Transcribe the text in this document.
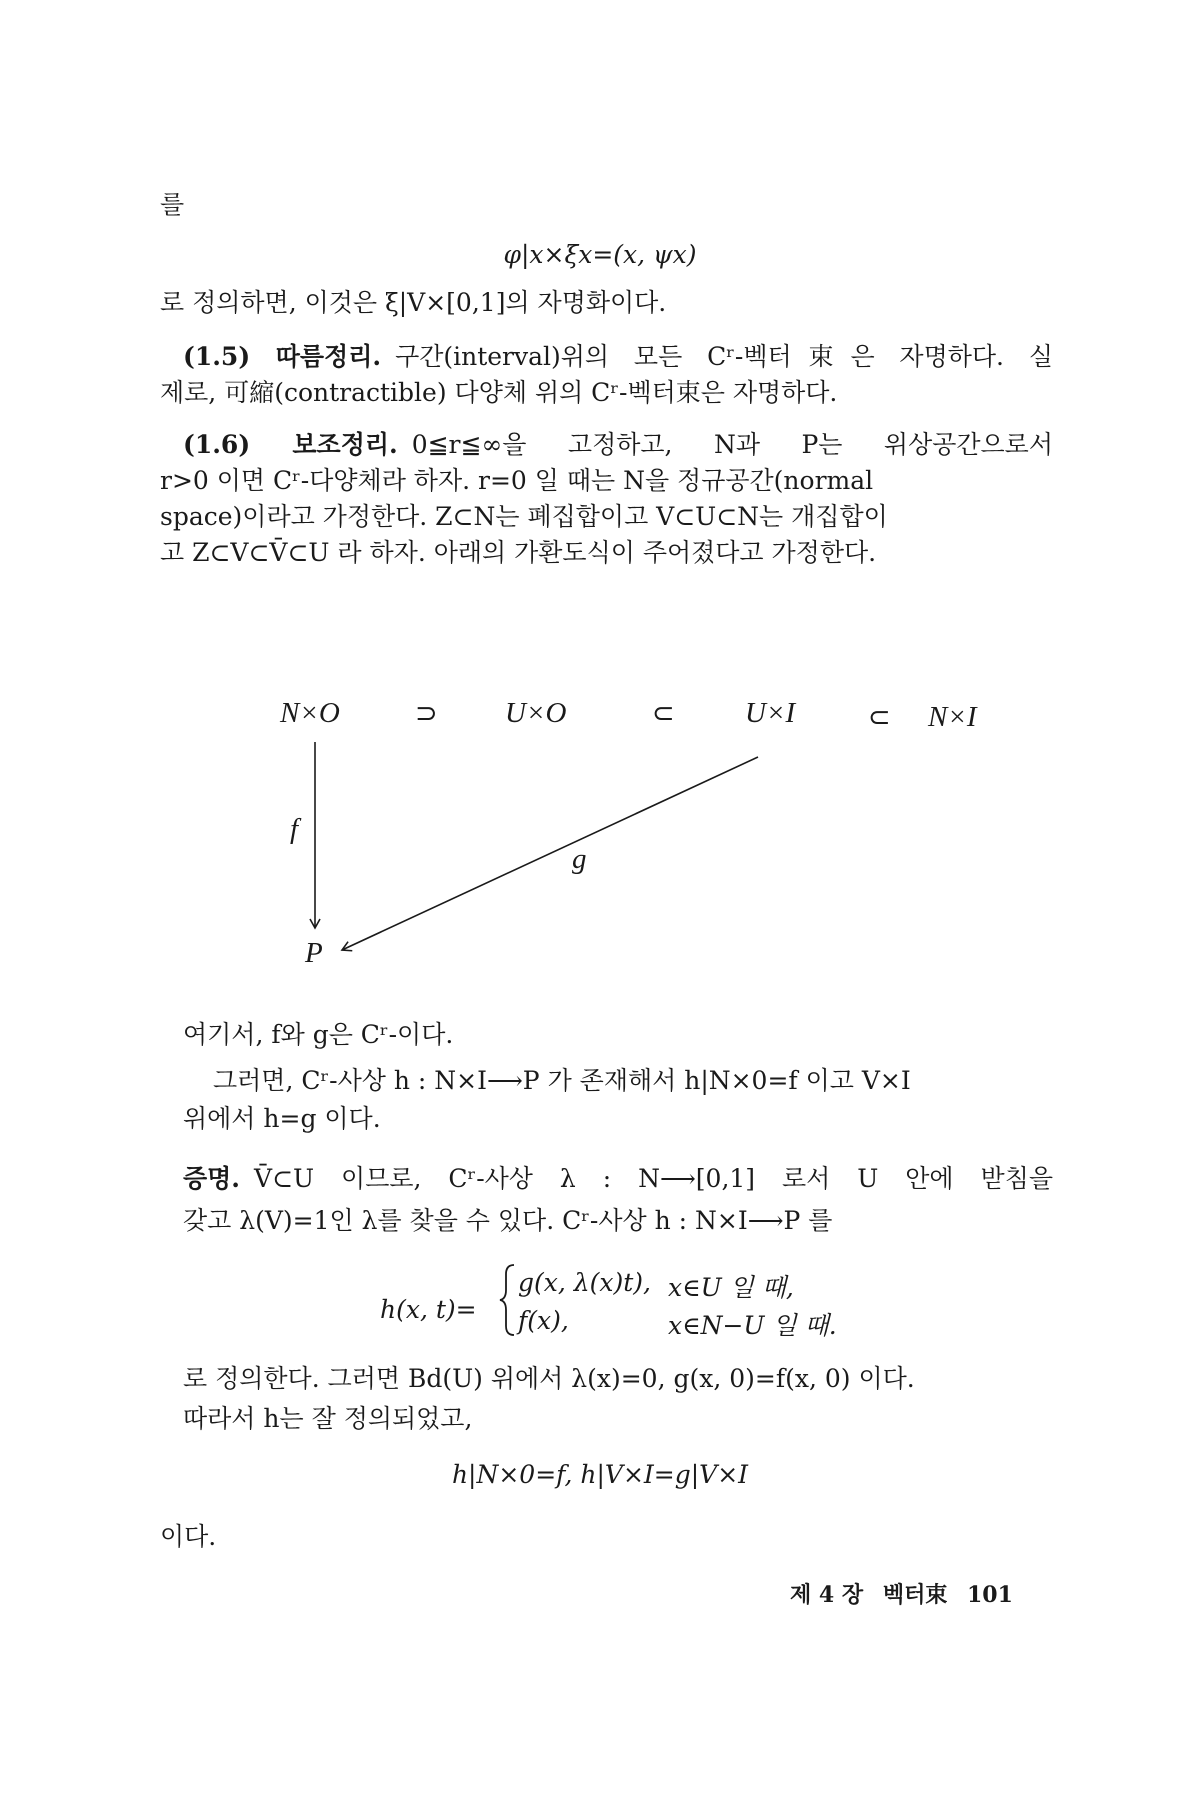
를
φ|x×ξx=(x, ψx)
로 정의하면, 이것은 ξ|V×[0,1]의 자명화이다.
(1.5) 따름정리. 구간(interval)위의 모든 Cʳ-벡터束은 자명하다. 실
제로, 可縮(contractible) 다양체 위의 Cʳ-벡터束은 자명하다.
(1.6) 보조정리. 0≦r≦∞을 고정하고, N과 P는 위상공간으로서
r>0 이면 Cʳ-다양체라 하자. r=0 일 때는 N을 정규공간(normal
space)이라고 가정한다. Z⊂N는 폐집합이고 V⊂U⊂N는 개집합이
고 Z⊂V⊂V̄⊂U 라 하자. 아래의 가환도식이 주어졌다고 가정한다.
N×O	⊃ U×O	⊂ U×I	⊂ N×I
f
g
P
여기서, f와 g은 Cʳ-이다.
그러면, Cʳ-사상 h : N×I⟶P 가 존재해서 h|N×0=f 이고 V×I
위에서 h=g 이다.
증명. V̄⊂U 이므로, Cʳ-사상 λ : N⟶[0,1] 로서 U 안에 받침을
갖고 λ(V)=1인 λ를 찾을 수 있다. Cʳ-사상 h : N×I⟶P 를
h(x, t)=
g(x, λ(x)t), x∈U 일 때,
f(x),	x∈N−U 일 때.
로 정의한다. 그러면 Bd(U) 위에서 λ(x)=0, g(x, 0)=f(x, 0) 이다.
따라서 h는 잘 정의되었고,
h|N×0=f, h|V×I=g|V×I
이다.
제 4 장 벡터束 101
